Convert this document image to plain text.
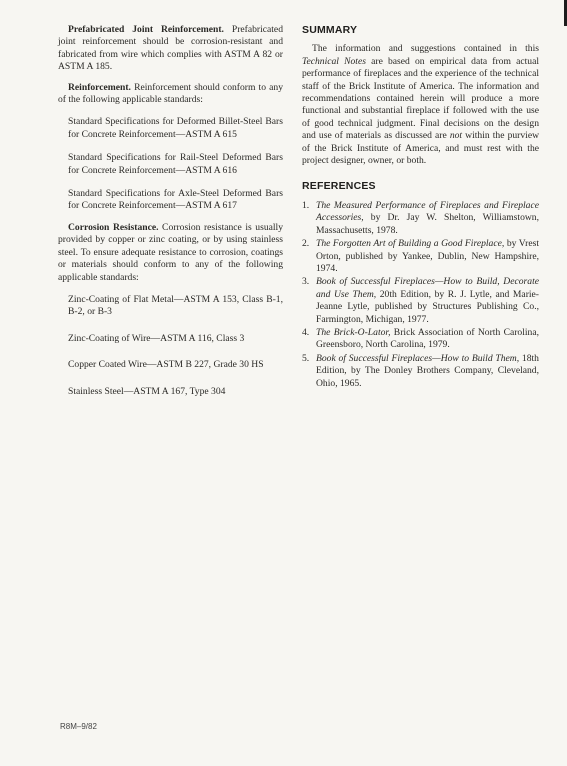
Prefabricated Joint Reinforcement. Prefabricated joint reinforcement should be corrosion-resistant and fabricated from wire which complies with ASTM A 82 or ASTM A 185.

Reinforcement. Reinforcement should conform to any of the following applicable standards:

Standard Specifications for Deformed Billet-Steel Bars for Concrete Reinforcement—ASTM A 615

Standard Specifications for Rail-Steel Deformed Bars for Concrete Reinforcement—ASTM A 616

Standard Specifications for Axle-Steel Deformed Bars for Concrete Reinforcement—ASTM A 617

Corrosion Resistance. Corrosion resistance is usually provided by copper or zinc coating, or by using stainless steel. To ensure adequate resistance to corrosion, coatings or materials should conform to any of the following applicable standards:

Zinc-Coating of Flat Metal—ASTM A 153, Class B-1, B-2, or B-3

Zinc-Coating of Wire—ASTM A 116, Class 3

Copper Coated Wire—ASTM B 227, Grade 30 HS

Stainless Steel—ASTM A 167, Type 304

SUMMARY

The information and suggestions contained in this Technical Notes are based on empirical data from actual performance of fireplaces and the experience of the technical staff of the Brick Institute of America. The information and recommendations contained herein will produce a more functional and substantial fireplace if followed with the use of good technical judgment. Final decisions on the design and use of materials as discussed are not within the purview of the Brick Institute of America, and must rest with the project designer, owner, or both.

REFERENCES
1. The Measured Performance of Fireplaces and Fireplace Accessories, by Dr. Jay W. Shelton, Williamstown, Massachusetts, 1978.
2. The Forgotten Art of Building a Good Fireplace, by Vrest Orton, published by Yankee, Dublin, New Hampshire, 1974.
3. Book of Successful Fireplaces—How to Build, Decorate and Use Them, 20th Edition, by R. J. Lytle, and Marie-Jeanne Lytle, published by Structures Publishing Co., Farmington, Michigan, 1977.
4. The Brick-O-Lator, Brick Association of North Carolina, Greensboro, North Carolina, 1979.
5. Book of Successful Fireplaces—How to Build Them, 18th Edition, by The Donley Brothers Company, Cleveland, Ohio, 1965.
R8M–9/82
